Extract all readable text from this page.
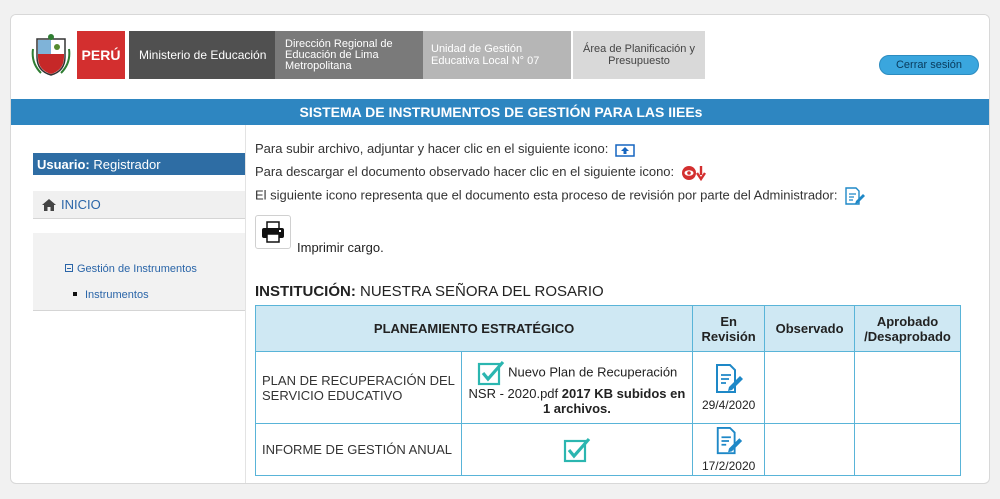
PERÚ	Ministerio de Educación
Dirección Regional de Educación de Lima Metropolitana
Unidad de Gestión Educativa Local N° 07
Área de Planificación y Presupuesto	Cerrar sesión
SISTEMA DE INSTRUMENTOS DE GESTIÓN PARA LAS IIEEs
Usuario: Registrador
INICIO
Gestión de Instrumentos
Instrumentos
Para subir archivo, adjuntar y hacer clic en el siguiente icono:
Para descargar el documento observado hacer clic en el siguiente icono:
El siguiente icono representa que el documento esta proceso de revisión por parte del Administrador:
Imprimir cargo.
INSTITUCIÓN: NUESTRA SEÑORA DEL ROSARIO
PLANEAMIENTO ESTRATÉGICO		En Revisión	Observado	Aprobado /Desaprobado
PLAN DE RECUPERACIÓN DEL SERVICIO EDUCATIVO	Nuevo Plan de Recuperación NSR - 2020.pdf 2017 KB subidos en 1 archivos.	29/4/2020		
INFORME DE GESTIÓN ANUAL		17/2/2020		
